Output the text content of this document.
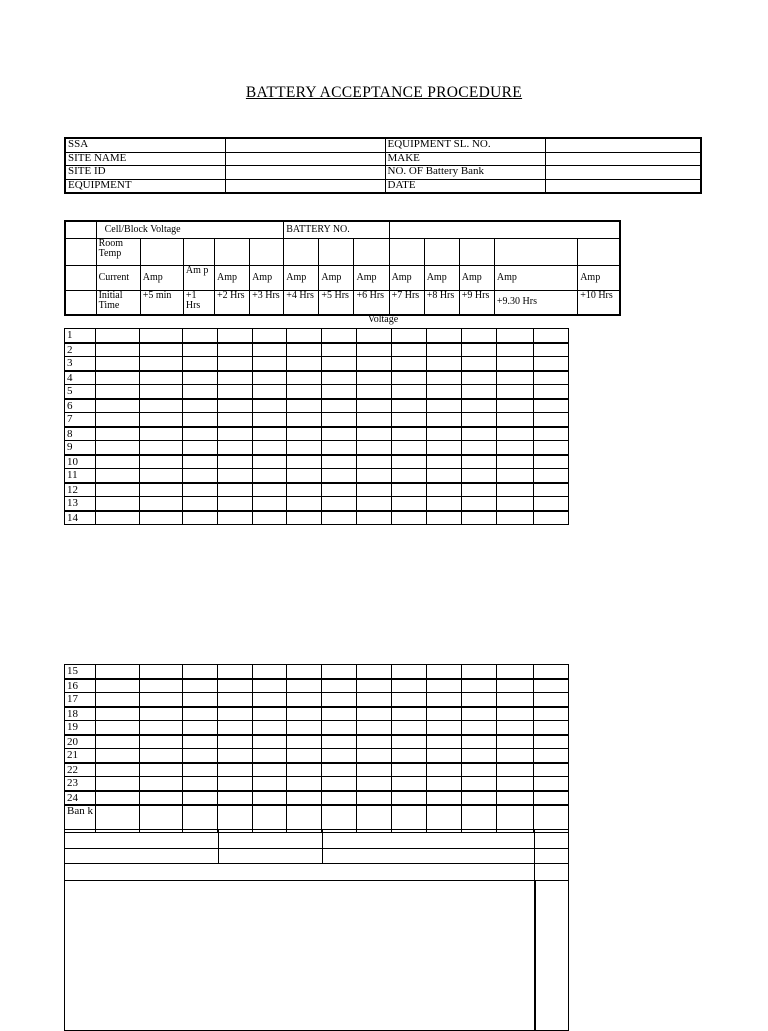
BATTERY ACCEPTANCE PROCEDURE
SSA		EQUIPMENT SL. NO.	
SITE NAME		MAKE	
SITE ID		NO. OF Battery Bank	
EQUIPMENT		DATE	
	Cell/Block Voltage					BATTERY NO.							
	Room Temp												
	Current	Amp	Am p	Amp	Amp	Amp	Amp	Amp	Amp	Amp	Amp	Amp	Amp
	Initial Time	+5 min	+1 Hrs	+2 Hrs	+3 Hrs	+4 Hrs	+5 Hrs	+6 Hrs	+7 Hrs	+8 Hrs	+9 Hrs	+9.30 Hrs	+10 Hrs
Voltage
1													
2													
3													
4													
5													
6													
7													
8													
9													
10													
11													
12													
13													
14													
15													
16													
17													
18													
19													
20													
21													
22													
23													
24													
Ban k													
